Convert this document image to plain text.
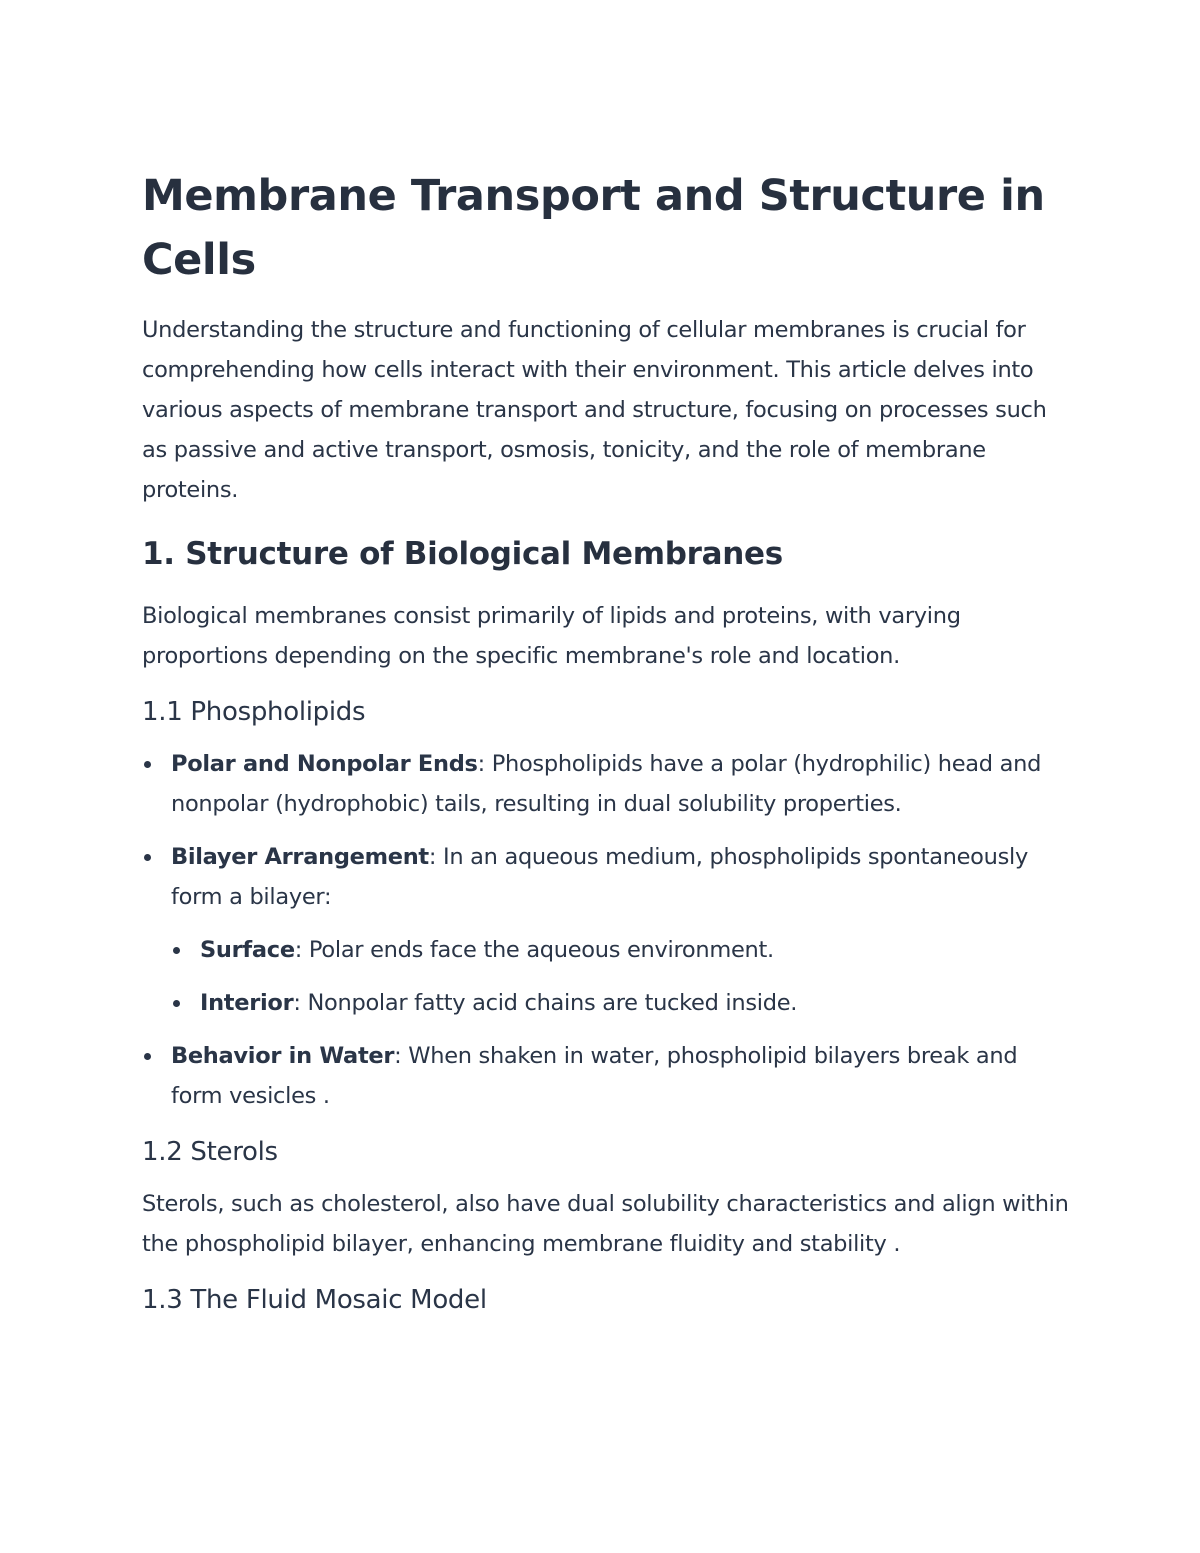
Membrane Transport and Structure in Cells

Understanding the structure and functioning of cellular membranes is crucial for comprehending how cells interact with their environment. This article delves into various aspects of membrane transport and structure, focusing on processes such as passive and active transport, osmosis, tonicity, and the role of membrane proteins.

1. Structure of Biological Membranes

Biological membranes consist primarily of lipids and proteins, with varying proportions depending on the specific membrane's role and location.

1.1 Phospholipids
Polar and Nonpolar Ends: Phospholipids have a polar (hydrophilic) head and nonpolar (hydrophobic) tails, resulting in dual solubility properties.
Bilayer Arrangement: In an aqueous medium, phospholipids spontaneously form a bilayer:
Surface: Polar ends face the aqueous environment.
Interior: Nonpolar fatty acid chains are tucked inside.
Behavior in Water: When shaken in water, phospholipid bilayers break and form vesicles .
1.2 Sterols

Sterols, such as cholesterol, also have dual solubility characteristics and align within the phospholipid bilayer, enhancing membrane fluidity and stability .

1.3 The Fluid Mosaic Model
